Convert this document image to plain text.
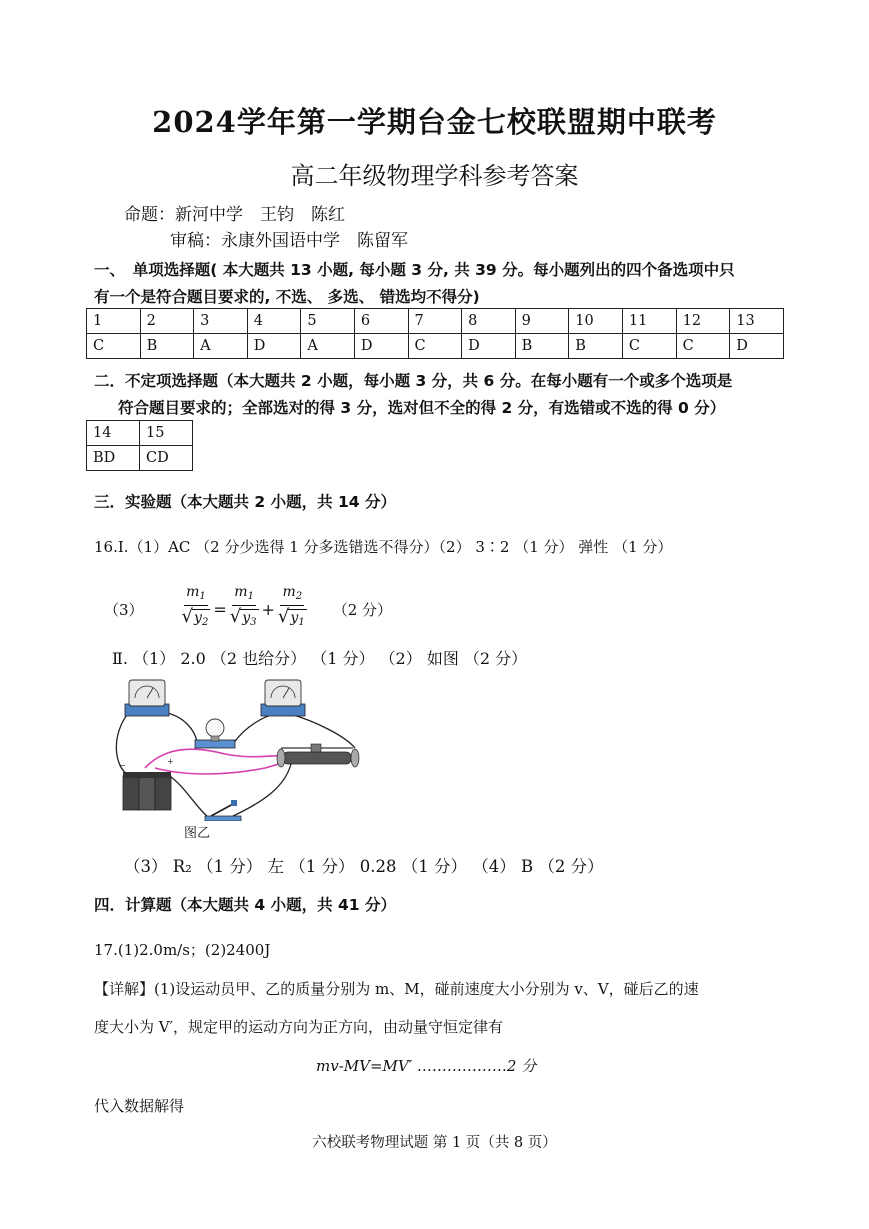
2024学年第一学期台金七校联盟期中联考
高二年级物理学科参考答案
命题：新河中学　王钧　陈红
审稿：永康外国语中学　陈留军
一、　单项选择题( 本大题共 13 小题, 每小题 3 分, 共 39 分。每小题列出的四个备选项中只
有一个是符合题目要求的, 不选、 多选、 错选均不得分)
1	2	3	4	5	6	7	8	9	10	11	12	13
C	B	A	D	A	D	C	D	B	B	C	C	D
二．不定项选择题（本大题共 2 小题，每小题 3 分，共 6 分。在每小题有一个或多个选项是
符合题目要求的；全部选对的得 3 分，选对但不全的得 2 分，有选错或不选的得 0 分）
14	15
BD	CD
三．实验题（本大题共 2 小题，共 14 分）
16.Ⅰ.（1）AC （2 分少选得 1 分多选错选不得分）（2） 3∶2 （1 分） 弹性 （1 分）
（3）	$\frac{m_1}{√y_2} = \frac{m_1}{√y_3} + \frac{m_2}{√y_1} (2$ 分）
Ⅱ. （1） 2.0 （2 也给分） （1 分） （2） 如图 （2 分）
−	+
图乙
（3） R₂ （1 分） 左 （1 分） 0.28 （1 分） （4） B （2 分）
四．计算题（本大题共 4 小题，共 41 分）
17.(1)2.0m/s；(2)2400J
【详解】(1)设运动员甲、乙的质量分别为 m、M，碰前速度大小分别为 v、V，碰后乙的速
度大小为 V′，规定甲的运动方向为正方向，由动量守恒定律有
mv-MV=MV′ ………………2 分
代入数据解得
六校联考物理试题 第 1 页（共 8 页）
